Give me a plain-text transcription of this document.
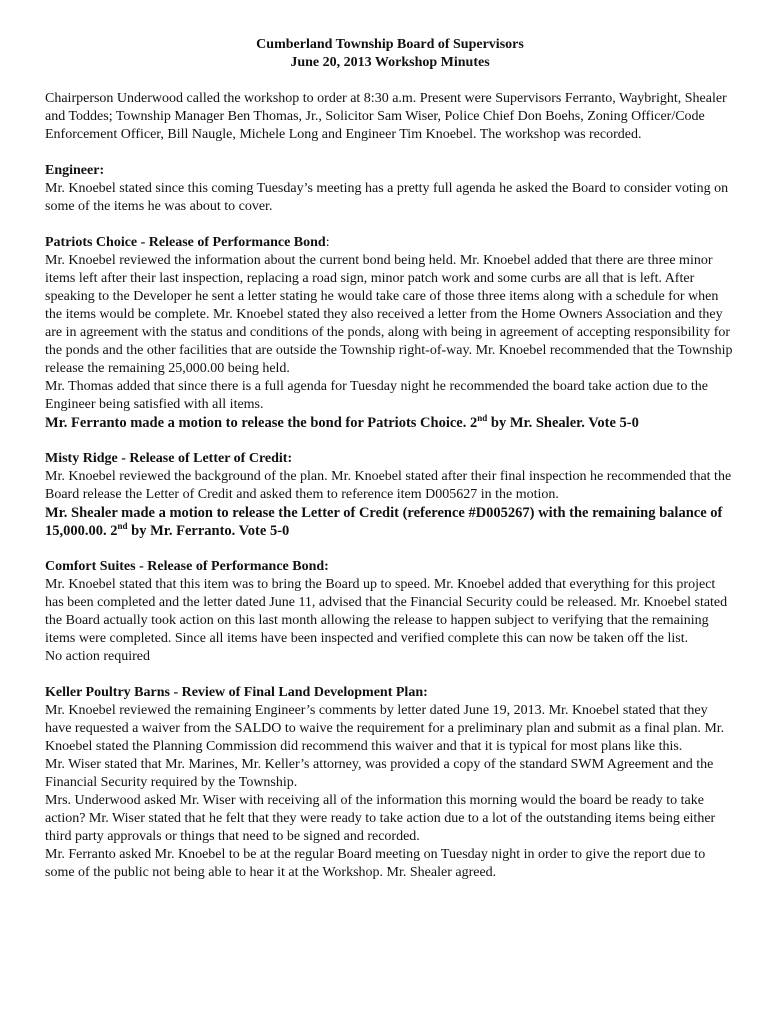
Cumberland Township Board of Supervisors

June 20, 2013 Workshop Minutes

Chairperson Underwood called the workshop to order at 8:30 a.m. Present were Supervisors Ferranto, Waybright, Shealer and Toddes; Township Manager Ben Thomas, Jr., Solicitor Sam Wiser, Police Chief Don Boehs, Zoning Officer/Code Enforcement Officer, Bill Naugle, Michele Long and Engineer Tim Knoebel. The workshop was recorded.

Engineer:

Mr. Knoebel stated since this coming Tuesday’s meeting has a pretty full agenda he asked the Board to consider voting on some of the items he was about to cover.

Patriots Choice - Release of Performance Bond:

Mr. Knoebel reviewed the information about the current bond being held. Mr. Knoebel added that there are three minor items left after their last inspection, replacing a road sign, minor patch work and some curbs are all that is left. After speaking to the Developer he sent a letter stating he would take care of those three items along with a schedule for when the items would be complete. Mr. Knoebel stated they also received a letter from the Home Owners Association and they are in agreement with the status and conditions of the ponds, along with being in agreement of accepting responsibility for the ponds and the other facilities that are outside the Township right-of-way. Mr. Knoebel recommended that the Township release the remaining 25,000.00 being held.

Mr. Thomas added that since there is a full agenda for Tuesday night he recommended the board take action due to the Engineer being satisfied with all items.

Mr. Ferranto made a motion to release the bond for Patriots Choice. 2nd by Mr. Shealer. Vote 5-0

Misty Ridge - Release of Letter of Credit:

Mr. Knoebel reviewed the background of the plan. Mr. Knoebel stated after their final inspection he recommended that the Board release the Letter of Credit and asked them to reference item D005627 in the motion.

Mr. Shealer made a motion to release the Letter of Credit (reference #D005267) with the remaining balance of 15,000.00. 2nd by Mr. Ferranto. Vote 5-0

Comfort Suites - Release of Performance Bond:

Mr. Knoebel stated that this item was to bring the Board up to speed. Mr. Knoebel added that everything for this project has been completed and the letter dated June 11, advised that the Financial Security could be released. Mr. Knoebel stated the Board actually took action on this last month allowing the release to happen subject to verifying that the remaining items were completed. Since all items have been inspected and verified complete this can now be taken off the list.

No action required

Keller Poultry Barns - Review of Final Land Development Plan:

Mr. Knoebel reviewed the remaining Engineer’s comments by letter dated June 19, 2013. Mr. Knoebel stated that they have requested a waiver from the SALDO to waive the requirement for a preliminary plan and submit as a final plan. Mr. Knoebel stated the Planning Commission did recommend this waiver and that it is typical for most plans like this.

Mr. Wiser stated that Mr. Marines, Mr. Keller’s attorney, was provided a copy of the standard SWM Agreement and the Financial Security required by the Township.

Mrs. Underwood asked Mr. Wiser with receiving all of the information this morning would the board be ready to take action? Mr. Wiser stated that he felt that they were ready to take action due to a lot of the outstanding items being either third party approvals or things that need to be signed and recorded.

Mr. Ferranto asked Mr. Knoebel to be at the regular Board meeting on Tuesday night in order to give the report due to some of the public not being able to hear it at the Workshop. Mr. Shealer agreed.
